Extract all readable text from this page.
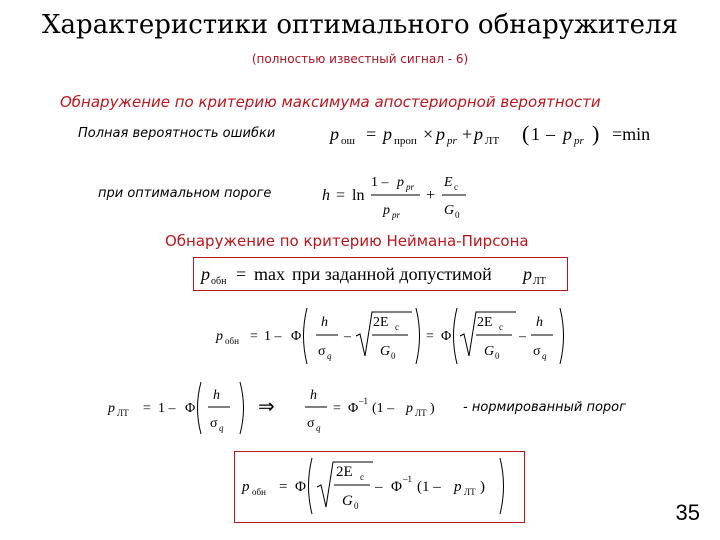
Характеристики оптимального обнаружителя
(полностью известный сигнал - 6)
Обнаружение по критерию максимума апостериорной вероятности
Полная вероятность ошибки	p ош = p проп × p pr + p ЛТ ( 1 – p pr ) =min
при оптимальном пороге	h = ln
1 – p pr
p pr
+
E c
G 0
Обнаружение по критерию Неймана-Пирсона
p обн = max при заданной допустимой p ЛТ
p обн = 1 – Φ
h
σ q
–
2E c
G 0
= Φ
2E c
G 0
–
h
σ q
p ЛТ = 1 – Φ
h
σ q
⇒
h
σ q
= Φ –1 (1 – p ЛТ ) - нормированный порог
p обн = Φ
2E c
G 0
– Φ –1 (1 – p ЛТ )
35
